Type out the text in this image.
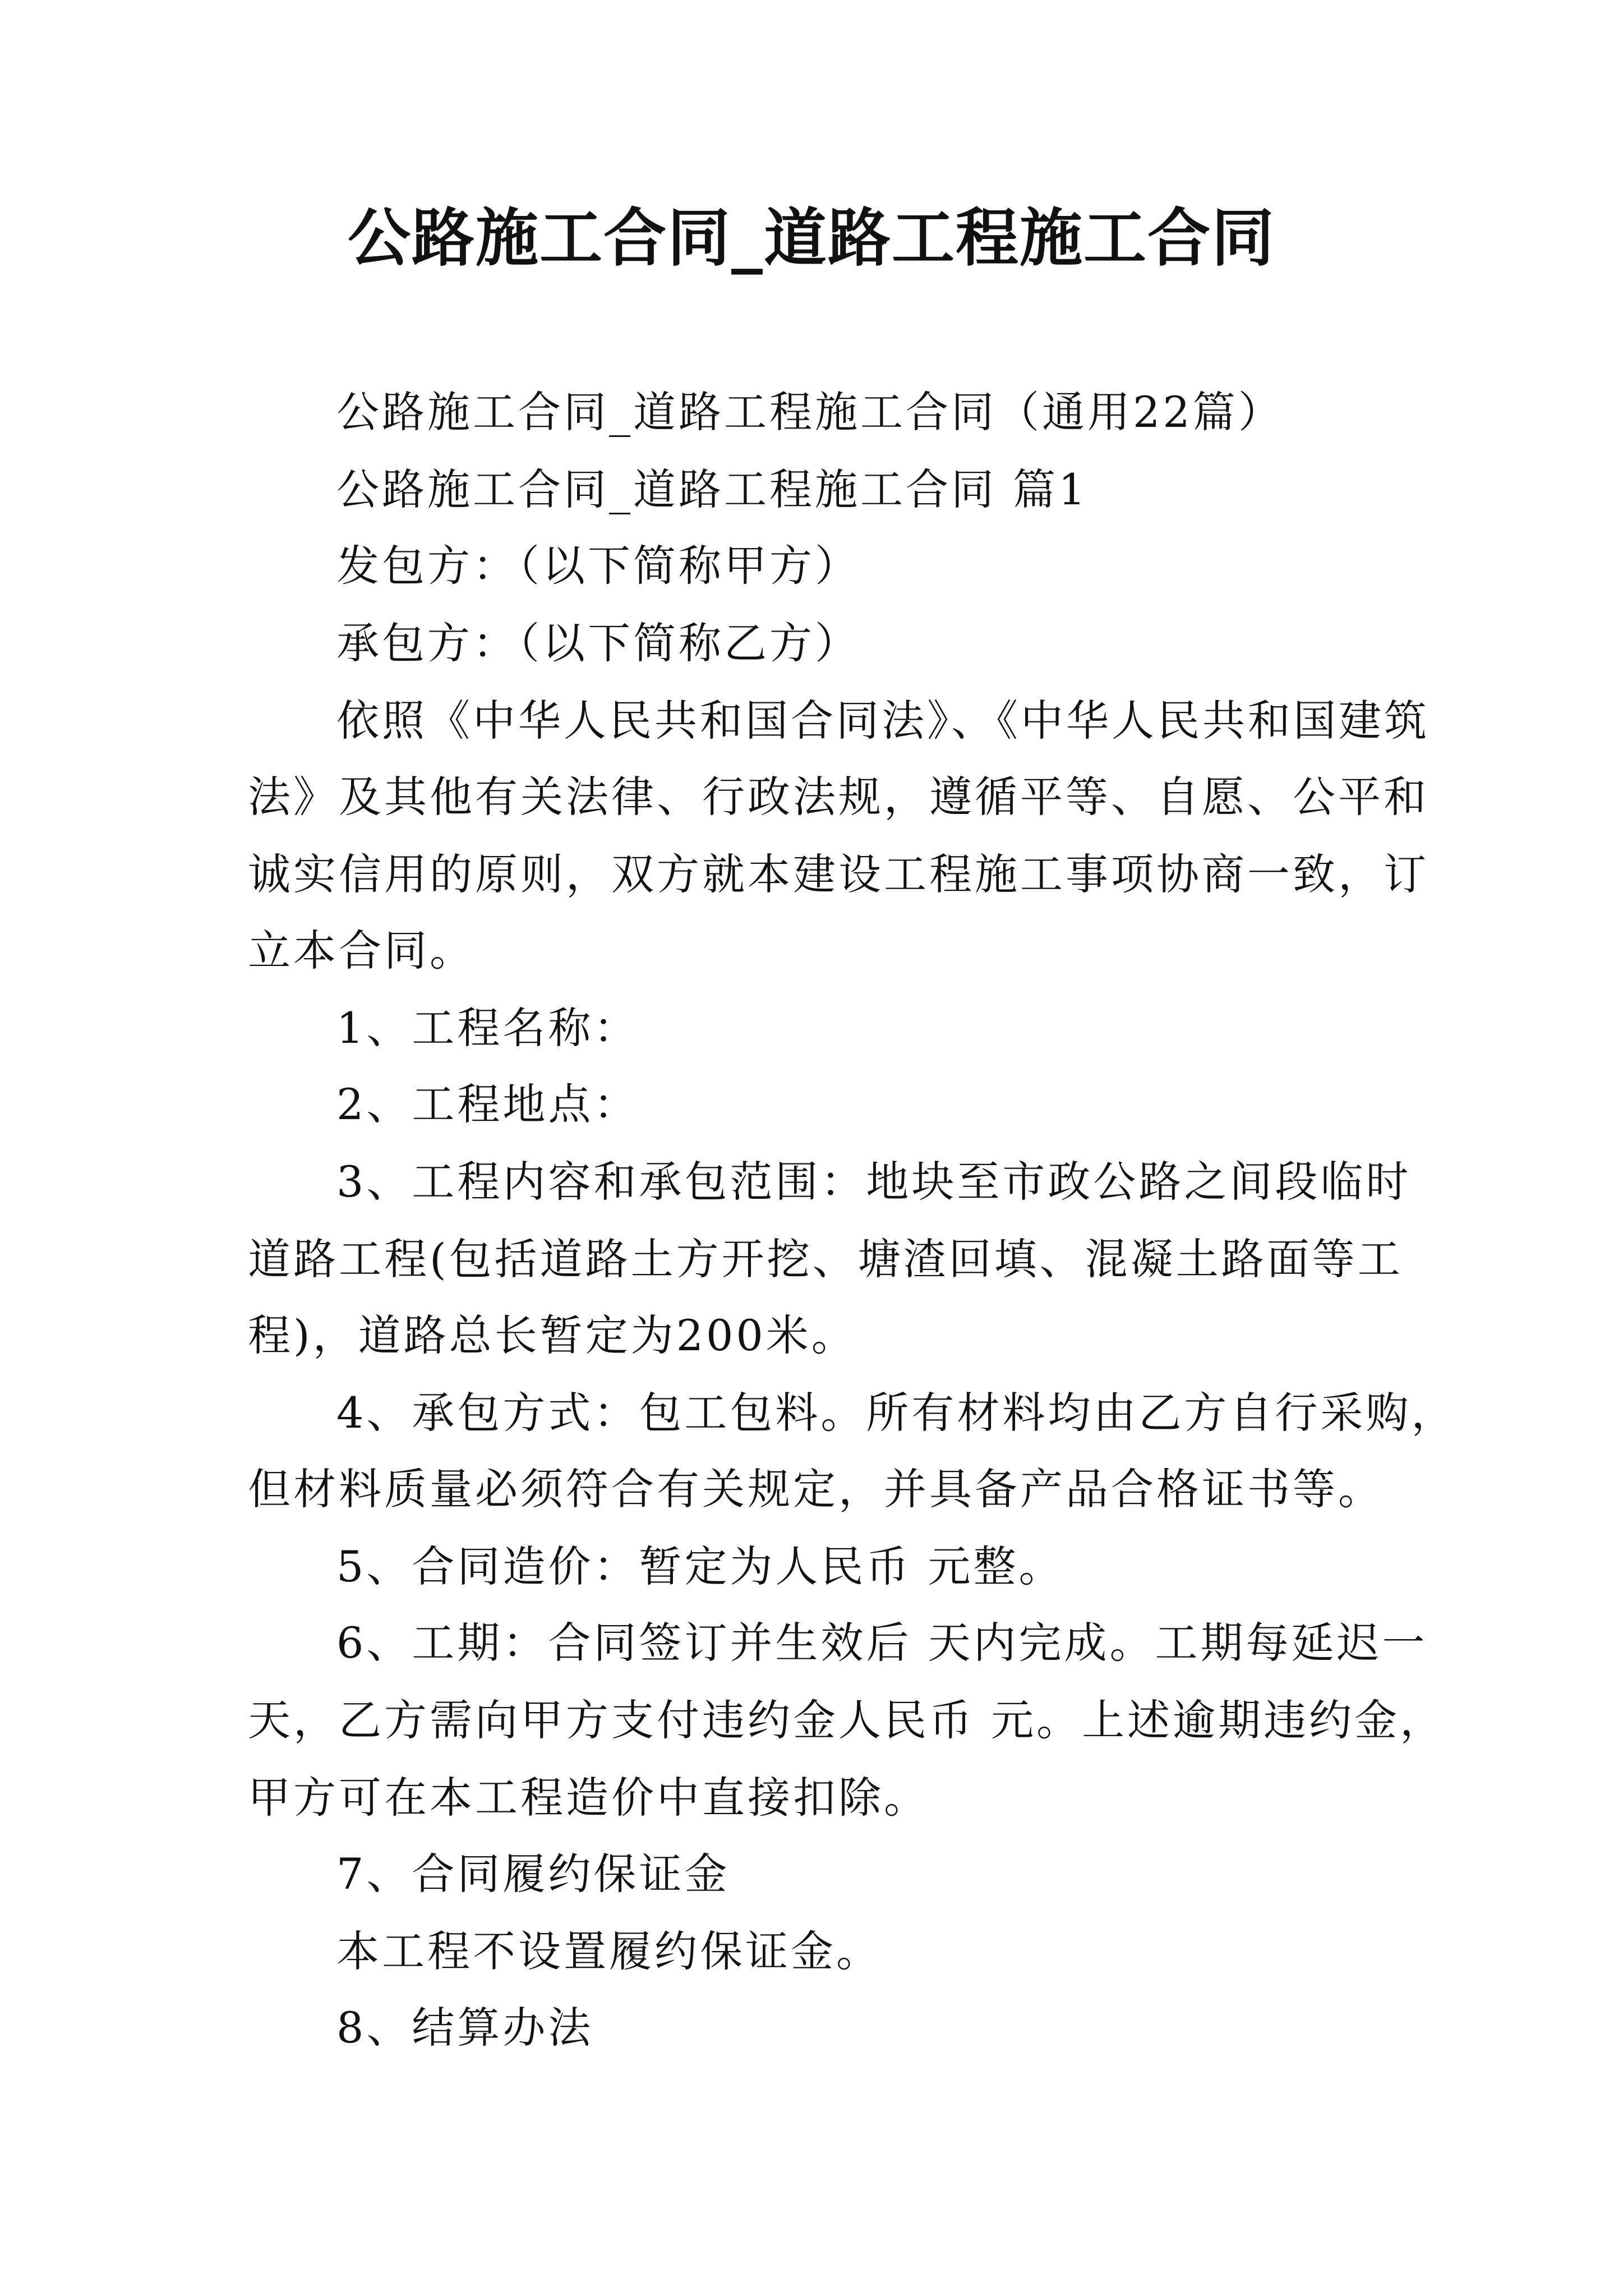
公路施工合同_道路工程施工合同
公路施工合同_道路工程施工合同（通用22篇）
公路施工合同_道路工程施工合同 篇1
发包方：（以下简称甲方）
承包方：（以下简称乙方）
依照《中华人民共和国合同法》、《中华人民共和国建筑
法》及其他有关法律、行政法规，遵循平等、自愿、公平和
诚实信用的原则，双方就本建设工程施工事项协商一致，订
立本合同。
1、工程名称：
2、工程地点：
3、工程内容和承包范围：地块至市政公路之间段临时
道路工程(包括道路土方开挖、塘渣回填、混凝土路面等工
程)，道路总长暂定为200米。
4、承包方式：包工包料。所有材料均由乙方自行采购，
但材料质量必须符合有关规定，并具备产品合格证书等。
5、合同造价：暂定为人民币 元整。
6、工期：合同签订并生效后 天内完成。工期每延迟一
天，乙方需向甲方支付违约金人民币 元。上述逾期违约金，
甲方可在本工程造价中直接扣除。
7、合同履约保证金
本工程不设置履约保证金。
8、结算办法
